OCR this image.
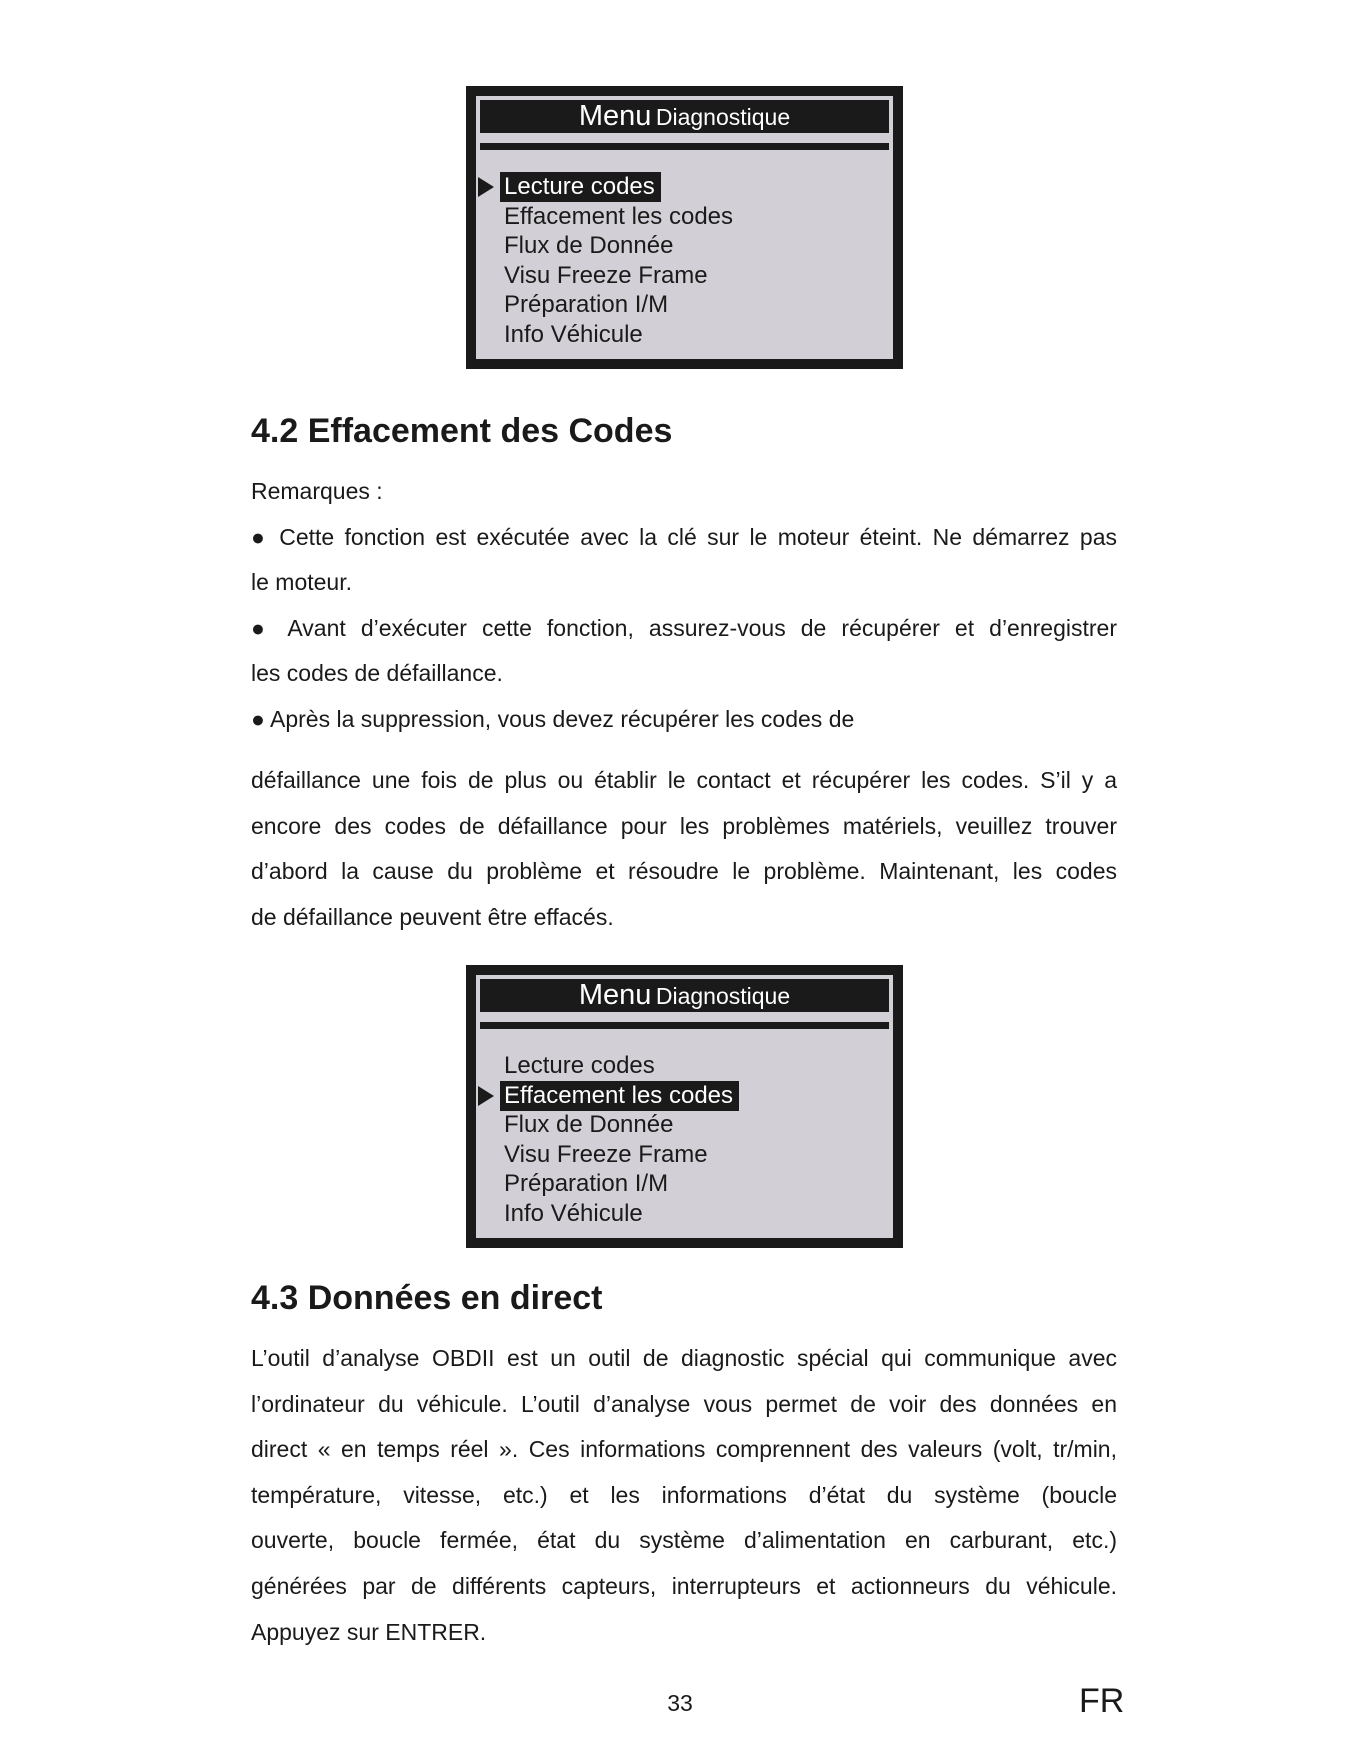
Menu Diagnostique
Lecture codes
Effacement les codes
Flux de Donnée
Visu Freeze Frame
Préparation I/M
Info Véhicule
4.2 Effacement des Codes
Remarques :
● Cette fonction est exécutée avec la clé sur le moteur éteint. Ne démarrez pas
le moteur.
● Avant d’exécuter cette fonction, assurez-vous de récupérer et d’enregistrer
les codes de défaillance.
● Après la suppression, vous devez récupérer les codes de
défaillance une fois de plus ou établir le contact et récupérer les codes. S’il y a
encore des codes de défaillance pour les problèmes matériels, veuillez trouver
d’abord la cause du problème et résoudre le problème. Maintenant, les codes
de défaillance peuvent être effacés.
Menu Diagnostique
Lecture codes
Effacement les codes
Flux de Donnée
Visu Freeze Frame
Préparation I/M
Info Véhicule
4.3 Données en direct
L’outil d’analyse OBDII est un outil de diagnostic spécial qui communique avec
l’ordinateur du véhicule. L’outil d’analyse vous permet de voir des données en
direct « en temps réel ». Ces informations comprennent des valeurs (volt, tr/min,
température, vitesse, etc.) et les informations d’état du système (boucle
ouverte, boucle fermée, état du système d’alimentation en carburant, etc.)
générées par de différents capteurs, interrupteurs et actionneurs du véhicule.
Appuyez sur ENTRER.
33	FR
